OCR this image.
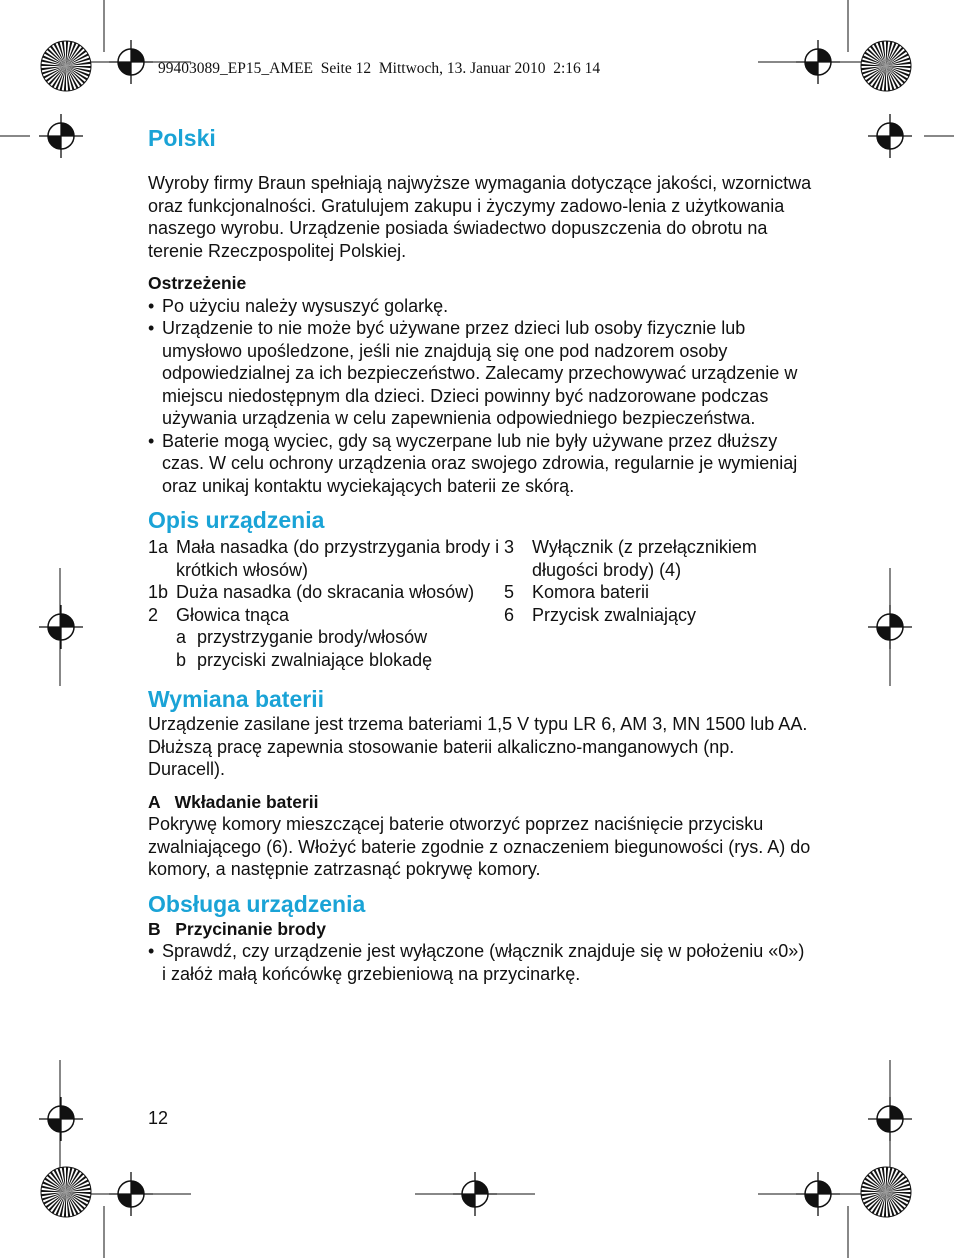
99403089_EP15_AMEE  Seite 12  Mittwoch, 13. Januar 2010  2:16 14
Polski

Wyroby firmy Braun spełniają najwyższe wymagania dotyczące jakości, wzornictwa oraz funkcjonalności. Gratulujem zakupu i życzymy zadowo-lenia z użytkowania naszego wyrobu. Urządzenie posiada świadectwo dopuszczenia do obrotu na terenie Rzeczpospolitej Polskiej.

Ostrzeżenie
• Po użyciu należy wysuszyć golarkę.
• Urządzenie to nie może być używane przez dzieci lub osoby fizycznie lub umysłowo upośledzone, jeśli nie znajdują się one pod nadzorem osoby odpowiedzialnej za ich bezpieczeństwo. Zalecamy przechowywać urządzenie w miejscu niedostępnym dla dzieci. Dzieci powinny być nadzorowane podczas używania urządzenia w celu zapewnienia odpowiedniego bezpieczeństwa.
• Baterie mogą wyciec, gdy są wyczerpane lub nie były używane przez dłuższy czas. W celu ochrony urządzenia oraz swojego zdrowia, regularnie je wymieniaj oraz unikaj kontaktu wyciekających baterii ze skórą.
Opis urządzenia
1a Mała nasadka (do przystrzygania brody i krótkich włosów)
1b Duża nasadka (do skracania włosów)
2 Głowica tnąca
a przystrzyganie brody/włosów
b przyciski zwalniające blokadę
3 Wyłącznik (z przełącznikiem długości brody) (4)
5 Komora baterii
6 Przycisk zwalniający
Wymiana baterii

Urządzenie zasilane jest trzema bateriami 1,5 V typu LR 6, AM 3, MN 1500 lub AA. Dłuższą pracę zapewnia stosowanie baterii alkaliczno-manganowych (np. Duracell).

A   Wkładanie baterii

Pokrywę komory mieszczącej baterie otworzyć poprzez naciśnięcie przycisku zwalniającego (6). Włożyć baterie zgodnie z oznaczeniem biegunowości (rys. A) do komory, a następnie zatrzasnąć pokrywę komory.

Obsługa urządzenia
B   Przycinanie brody
• Sprawdź, czy urządzenie jest wyłączone (włącznik znajduje się w położeniu «0») i załóż małą końcówkę grzebieniową na przycinarkę.
12
